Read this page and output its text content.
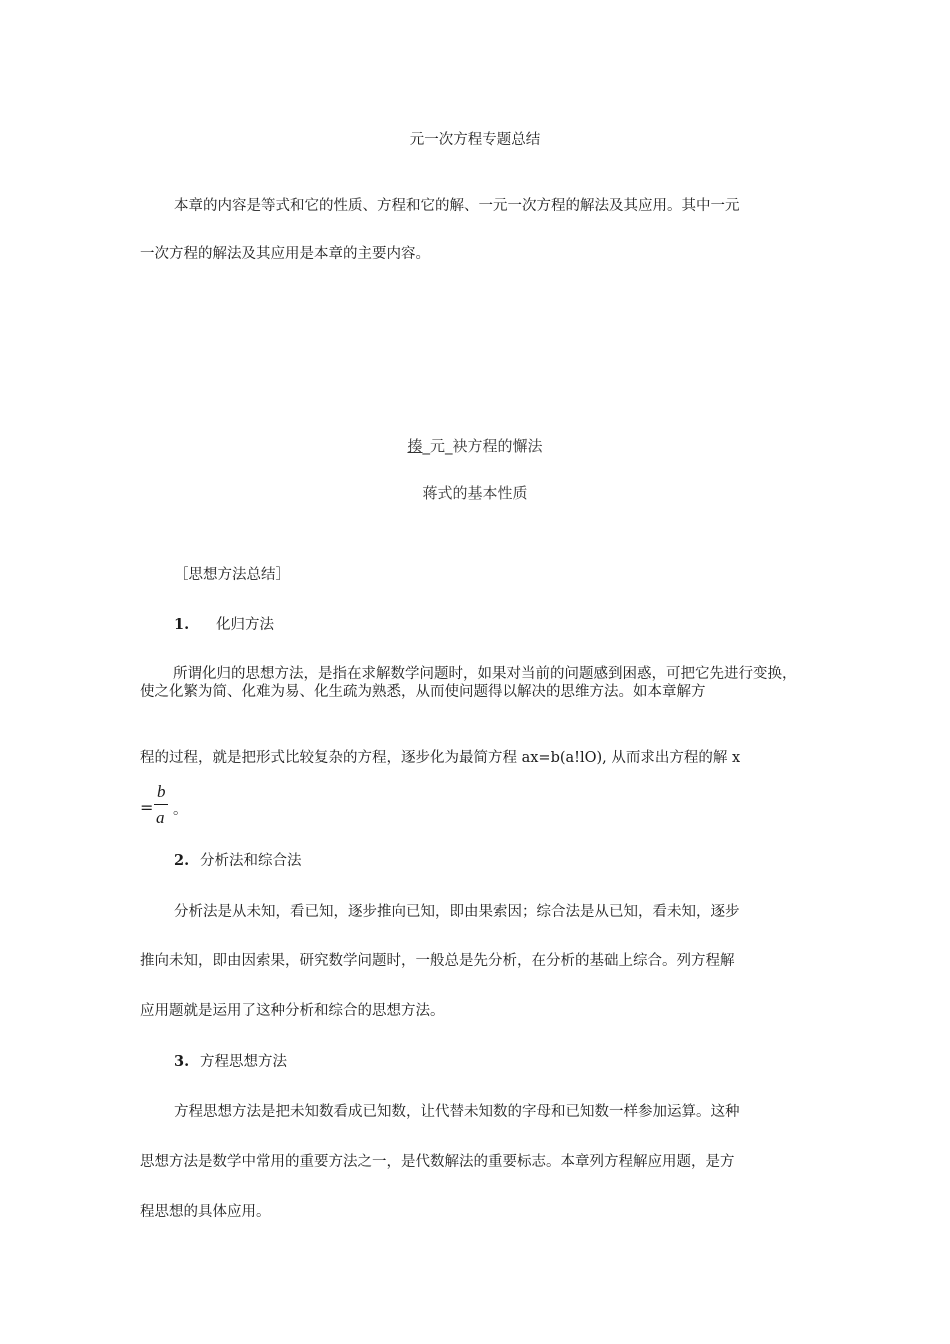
元一次方程专题总结
本章的内容是等式和它的性质、方程和它的解、一元一次方程的解法及其应用。其中一元
一次方程的解法及其应用是本章的主要内容。
揍_元_袂方程的懈法
蒋式的基本性质
［思想方法总结］
1. 化归方法
所谓化归的思想方法，是指在求解数学问题时，如果对当前的问题感到困惑，可把它先进行变换，使之化繁为简、化难为易、化生疏为熟悉，从而使问题得以解决的思维方法。如本章解方
程的过程，就是把形式比较复杂的方程，逐步化为最简方程 ax=b(a!lO), 从而求出方程的解 x
=
b
a 。
2. 分析法和综合法
分析法是从未知，看已知，逐步推向已知，即由果索因；综合法是从已知，看未知，逐步
推向未知，即由因索果，研究数学问题时，一般总是先分析，在分析的基础上综合。列方程解
应用题就是运用了这种分析和综合的思想方法。
3. 方程思想方法
方程思想方法是把未知数看成已知数，让代替未知数的字母和已知数一样参加运算。这种
思想方法是数学中常用的重要方法之一，是代数解法的重要标志。本章列方程解应用题，是方
程思想的具体应用。
